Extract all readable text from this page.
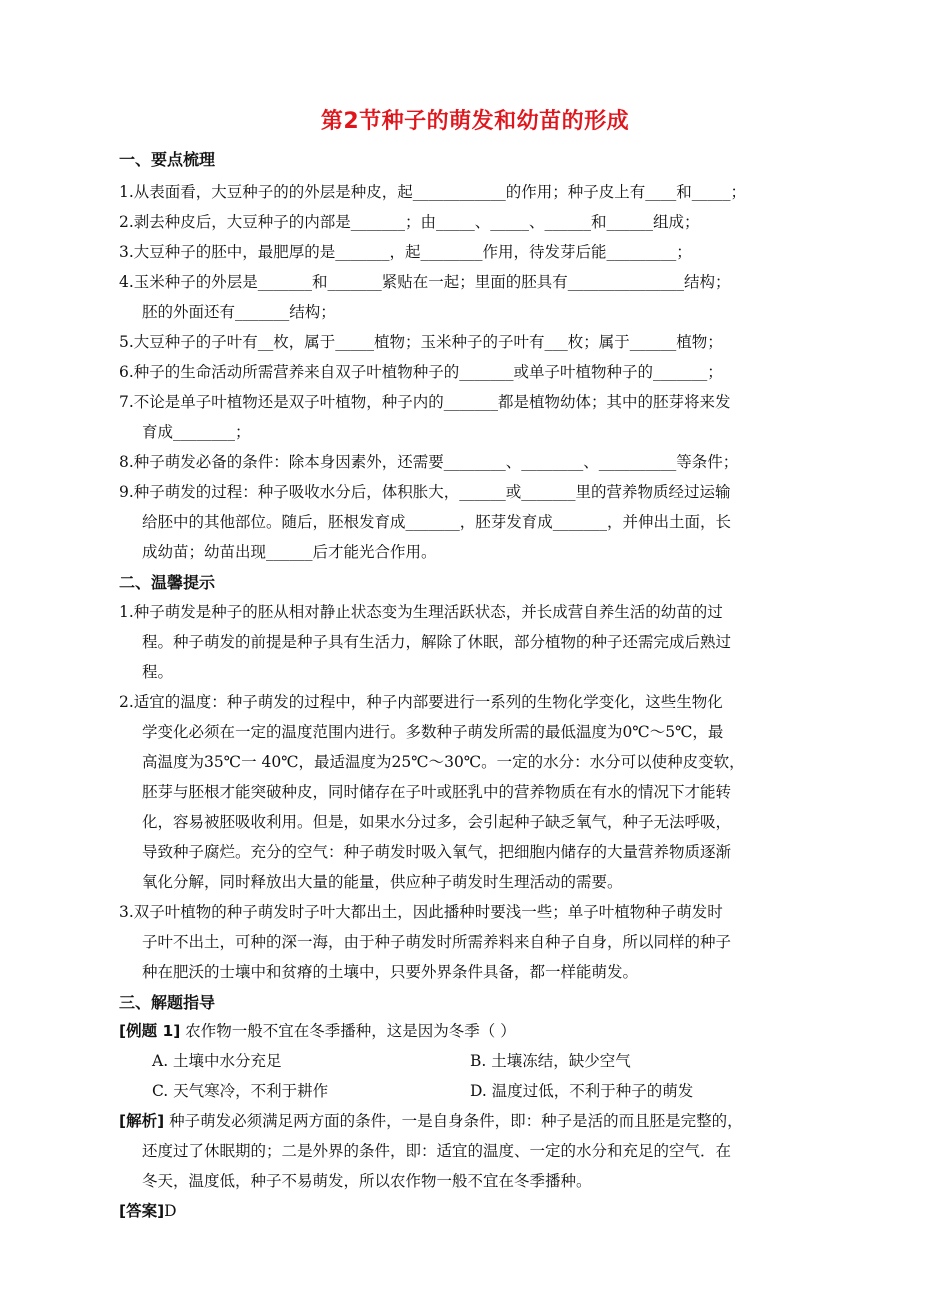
第2节种子的萌发和幼苗的形成
一、要点梳理
1.从表面看，大豆种子的的外层是种皮，起____________的作用；种子皮上有____和_____；
2.剥去种皮后，大豆种子的内部是_______；由_____、_____、______和______组成；
3.大豆种子的胚中，最肥厚的是_______，起________作用，待发芽后能_________；
4.玉米种子的外层是_______和_______紧贴在一起；里面的胚具有_______________结构；
胚的外面还有_______结构；
5.大豆种子的子叶有__枚，属于_____植物；玉米种子的子叶有___枚；属于______植物；
6.种子的生命活动所需营养来自双子叶植物种子的_______或单子叶植物种子的_______；
7.不论是单子叶植物还是双子叶植物，种子内的_______都是植物幼体；其中的胚芽将来发
育成________；
8.种子萌发必备的条件：除本身因素外，还需要________、________、__________等条件；
9.种子萌发的过程：种子吸收水分后，体积胀大，______或_______里的营养物质经过运输
给胚中的其他部位。随后，胚根发育成_______，胚芽发育成_______，并伸出土面，长
成幼苗；幼苗出现______后才能光合作用。
二、温馨提示
1.种子萌发是种子的胚从相对静止状态变为生理活跃状态，并长成营自养生活的幼苗的过
程。种子萌发的前提是种子具有生活力，解除了休眠，部分植物的种子还需完成后熟过
程。
2.适宜的温度：种子萌发的过程中，种子内部要进行一系列的生物化学变化，这些生物化
学变化必须在一定的温度范围内进行。多数种子萌发所需的最低温度为0℃～5℃，最
高温度为35℃一 40℃，最适温度为25℃～30℃。一定的水分：水分可以使种皮变软，
胚芽与胚根才能突破种皮，同时储存在子叶或胚乳中的营养物质在有水的情况下才能转
化，容易被胚吸收利用。但是，如果水分过多，会引起种子缺乏氧气，种子无法呼吸，
导致种子腐烂。充分的空气：种子萌发时吸入氧气，把细胞内储存的大量营养物质逐渐
氧化分解，同时释放出大量的能量，供应种子萌发时生理活动的需要。
3.双子叶植物的种子萌发时子叶大都出土，因此播种时要浅一些；单子叶植物种子萌发时
子叶不出土，可种的深一海，由于种子萌发时所需养料来自种子自身，所以同样的种子
种在肥沃的士壤中和贫瘠的土壤中，只要外界条件具备，都一样能萌发。
三、解题指导
[例题 1] 农作物一般不宜在冬季播种，这是因为冬季（ ）
A. 土壤中水分充足	B. 土壤冻结，缺少空气
C. 天气寒冷，不利于耕作	D. 温度过低，不利于种子的萌发
[解析] 种子萌发必须满足两方面的条件，一是自身条件，即：种子是活的而且胚是完整的，
还度过了休眠期的；二是外界的条件，即：适宜的温度、一定的水分和充足的空气．在
冬天，温度低，种子不易萌发，所以农作物一般不宜在冬季播种。
[答案]D
